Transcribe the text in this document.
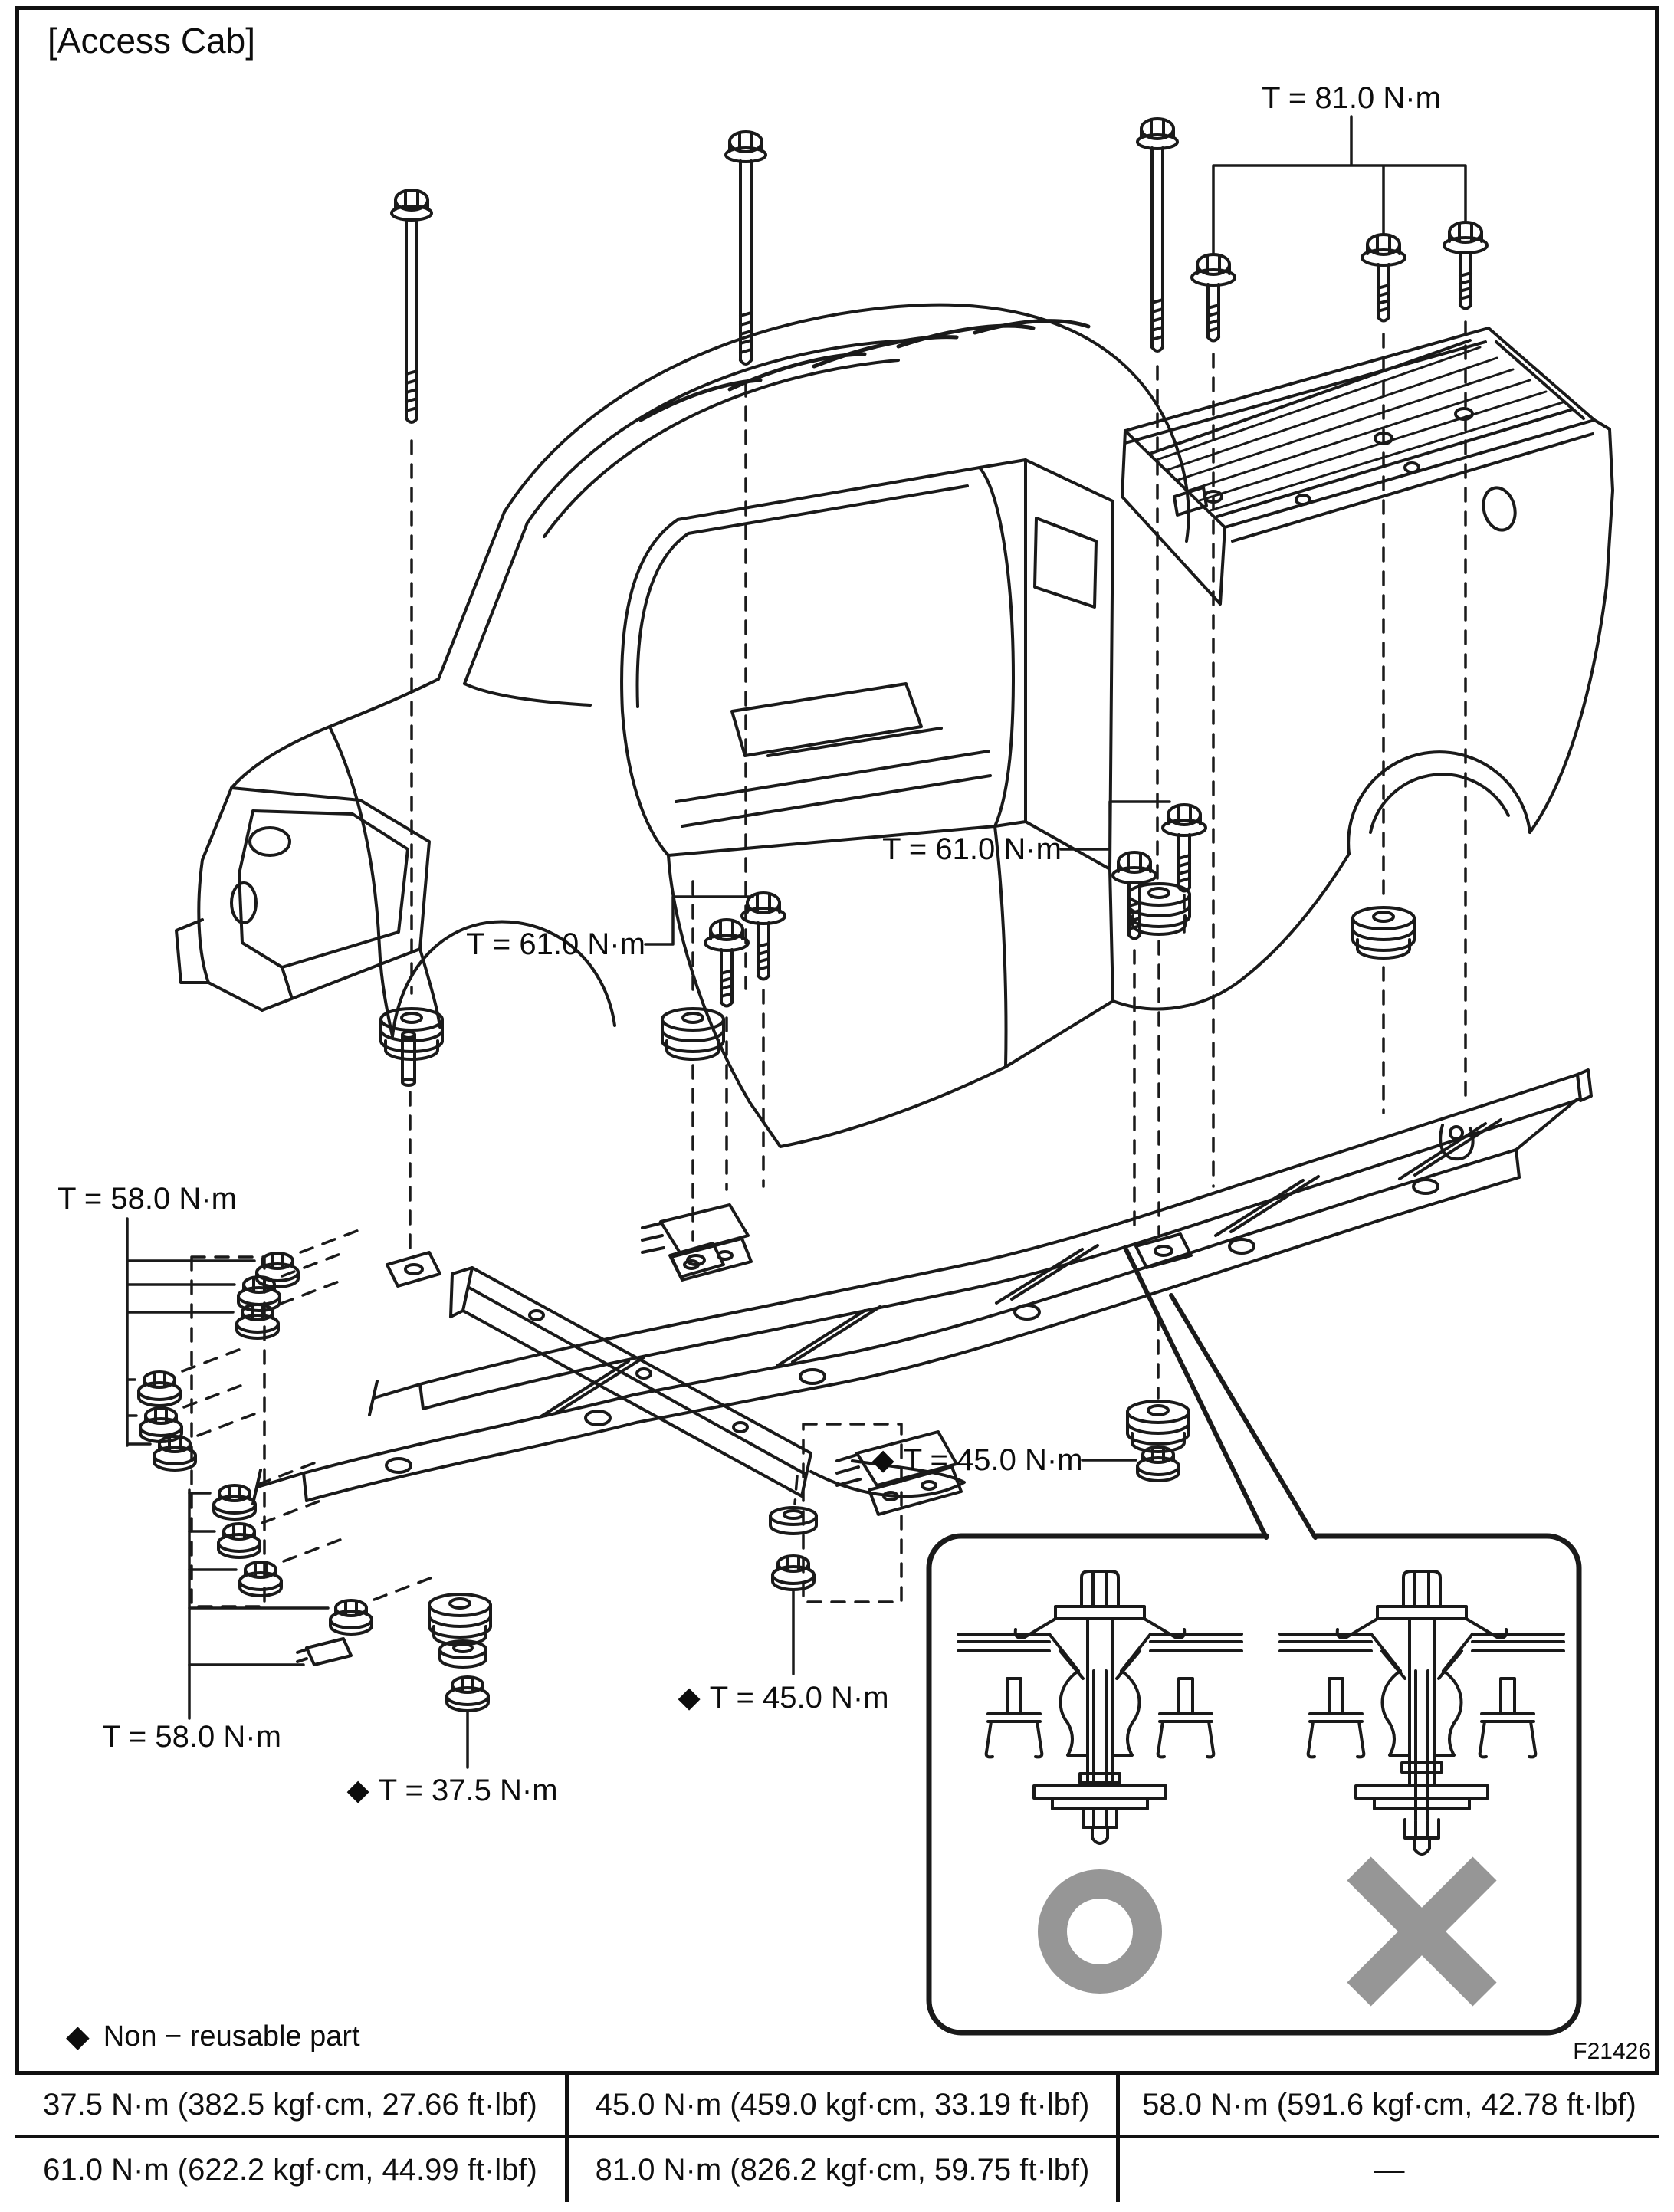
[Access Cab]
T = 81.0 N·m
T = 61.0 N·m
T = 61.0 N·m
T = 58.0 N·m
T = 58.0 N·m
◆ T = 45.0 N·m
◆ T = 45.0 N·m
◆ T = 37.5 N·m
◆ Non − reusable part	F21426
37.5 N·m (382.5 kgf·cm, 27.66 ft·lbf)	45.0 N·m (459.0 kgf·cm, 33.19 ft·lbf)	58.0 N·m (591.6 kgf·cm, 42.78 ft·lbf)
61.0 N·m (622.2 kgf·cm, 44.99 ft·lbf)	81.0 N·m (826.2 kgf·cm, 59.75 ft·lbf)	—
